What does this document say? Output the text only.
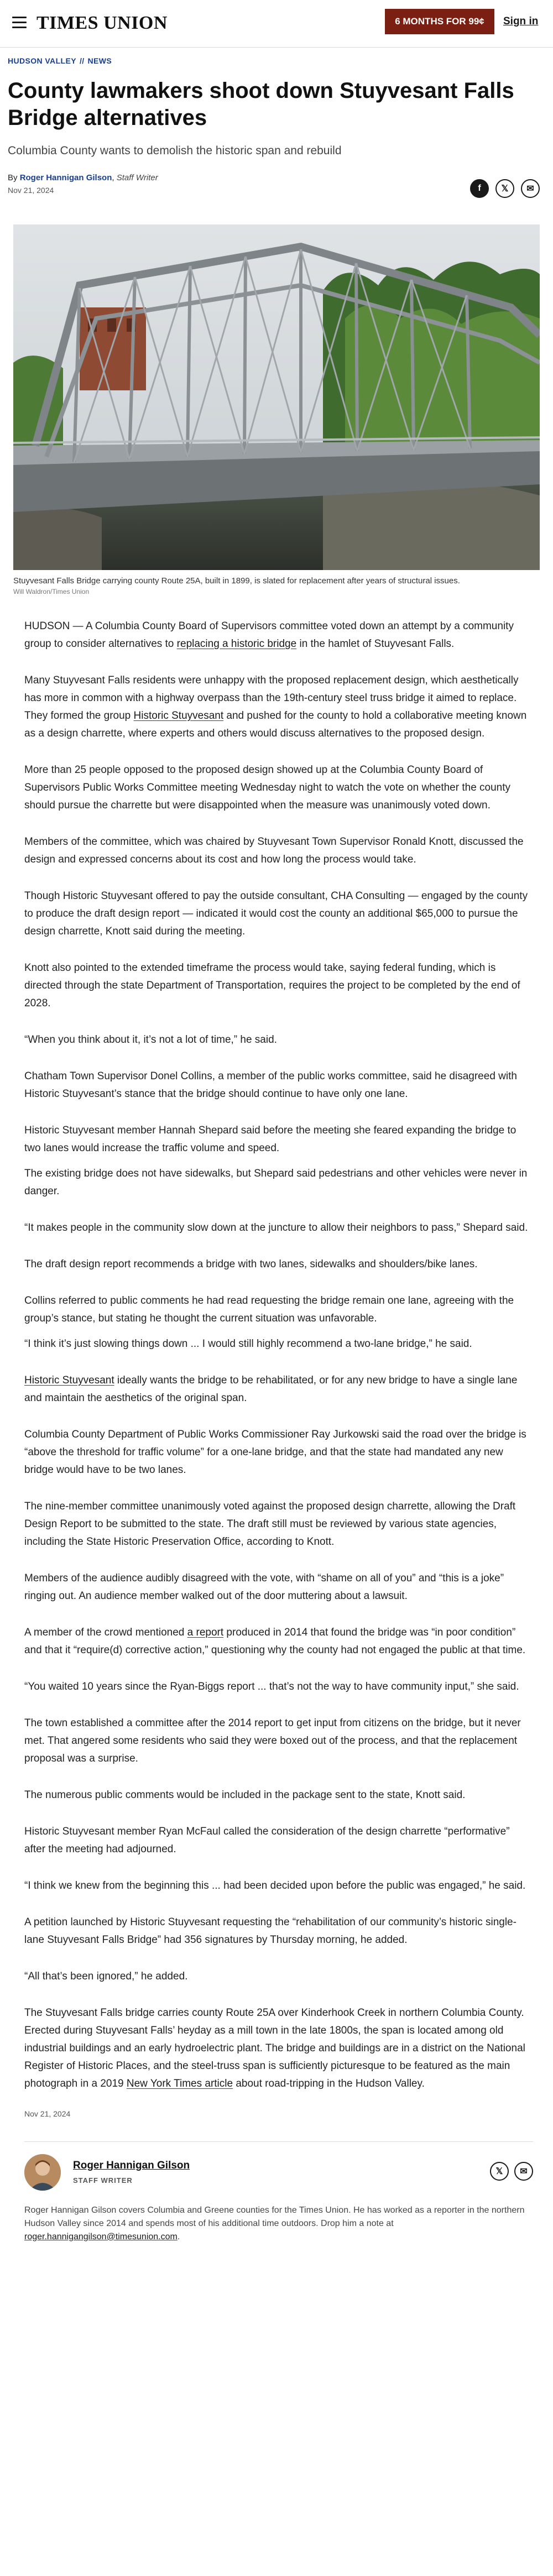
TIMES UNION	6 MONTHS FOR 99¢	Sign in
HUDSON VALLEY // NEWS
County lawmakers shoot down Stuyvesant Falls Bridge alternatives

Columbia County wants to demolish the historic span and rebuild

By Roger Hannigan Gilson, Staff Writer
Nov 21, 2024	f	𝕏	✉

Stuyvesant Falls Bridge carrying county Route 25A, built in 1899, is slated for replacement after years of structural issues.

Will Waldron/Times Union

HUDSON — A Columbia County Board of Supervisors committee voted down an attempt by a community group to consider alternatives to replacing a historic bridge in the hamlet of Stuyvesant Falls.

Many Stuyvesant Falls residents were unhappy with the proposed replacement design, which aesthetically has more in common with a highway overpass than the 19th-century steel truss bridge it aimed to replace. They formed the group Historic Stuyvesant and pushed for the county to hold a collaborative meeting known as a design charrette, where experts and others would discuss alternatives to the proposed design.

More than 25 people opposed to the proposed design showed up at the Columbia County Board of Supervisors Public Works Committee meeting Wednesday night to watch the vote on whether the county should pursue the charrette but were disappointed when the measure was unanimously voted down.

Members of the committee, which was chaired by Stuyvesant Town Supervisor Ronald Knott, discussed the design and expressed concerns about its cost and how long the process would take.

Though Historic Stuyvesant offered to pay the outside consultant, CHA Consulting — engaged by the county to produce the draft design report — indicated it would cost the county an additional $65,000 to pursue the design charrette, Knott said during the meeting.

Knott also pointed to the extended timeframe the process would take, saying federal funding, which is directed through the state Department of Transportation, requires the project to be completed by the end of 2028.

“When you think about it, it’s not a lot of time,” he said.

Chatham Town Supervisor Donel Collins, a member of the public works committee, said he disagreed with Historic Stuyvesant’s stance that the bridge should continue to have only one lane.

Historic Stuyvesant member Hannah Shepard said before the meeting she feared expanding the bridge to two lanes would increase the traffic volume and speed.

The existing bridge does not have sidewalks, but Shepard said pedestrians and other vehicles were never in danger.

“It makes people in the community slow down at the juncture to allow their neighbors to pass,” Shepard said.

The draft design report recommends a bridge with two lanes, sidewalks and shoulders/bike lanes.

Collins referred to public comments he had read requesting the bridge remain one lane, agreeing with the group’s stance, but stating he thought the current situation was unfavorable.

“I think it’s just slowing things down ... I would still highly recommend a two-lane bridge,” he said.

Historic Stuyvesant ideally wants the bridge to be rehabilitated, or for any new bridge to have a single lane and maintain the aesthetics of the original span.

Columbia County Department of Public Works Commissioner Ray Jurkowski said the road over the bridge is “above the threshold for traffic volume” for a one-lane bridge, and that the state had mandated any new bridge would have to be two lanes.

The nine-member committee unanimously voted against the proposed design charrette, allowing the Draft Design Report to be submitted to the state. The draft still must be reviewed by various state agencies, including the State Historic Preservation Office, according to Knott.

Members of the audience audibly disagreed with the vote, with “shame on all of you” and “this is a joke” ringing out. An audience member walked out of the door muttering about a lawsuit.

A member of the crowd mentioned a report produced in 2014 that found the bridge was “in poor condition” and that it “require(d) corrective action,” questioning why the county had not engaged the public at that time.

“You waited 10 years since the Ryan-Biggs report ... that’s not the way to have community input,” she said.

The town established a committee after the 2014 report to get input from citizens on the bridge, but it never met. That angered some residents who said they were boxed out of the process, and that the replacement proposal was a surprise.

The numerous public comments would be included in the package sent to the state, Knott said.

Historic Stuyvesant member Ryan McFaul called the consideration of the design charrette “performative” after the meeting had adjourned.

“I think we knew from the beginning this ... had been decided upon before the public was engaged,” he said.

A petition launched by Historic Stuyvesant requesting the “rehabilitation of our community’s historic single-lane Stuyvesant Falls Bridge” had 356 signatures by Thursday morning, he added.

“All that’s been ignored,” he added.

The Stuyvesant Falls bridge carries county Route 25A over Kinderhook Creek in northern Columbia County. Erected during Stuyvesant Falls’ heyday as a mill town in the late 1800s, the span is located among old industrial buildings and an early hydroelectric plant. The bridge and buildings are in a district on the National Register of Historic Places, and the steel-truss span is sufficiently picturesque to be featured as the main photograph in a 2019 New York Times article about road-tripping in the Hudson Valley.

Nov 21, 2024
Roger Hannigan Gilson
STAFF WRITER
𝕏	✉

Roger Hannigan Gilson covers Columbia and Greene counties for the Times Union. He has worked as a reporter in the northern Hudson Valley since 2014 and spends most of his additional time outdoors. Drop him a note at roger.hannigangilson@timesunion.com.
